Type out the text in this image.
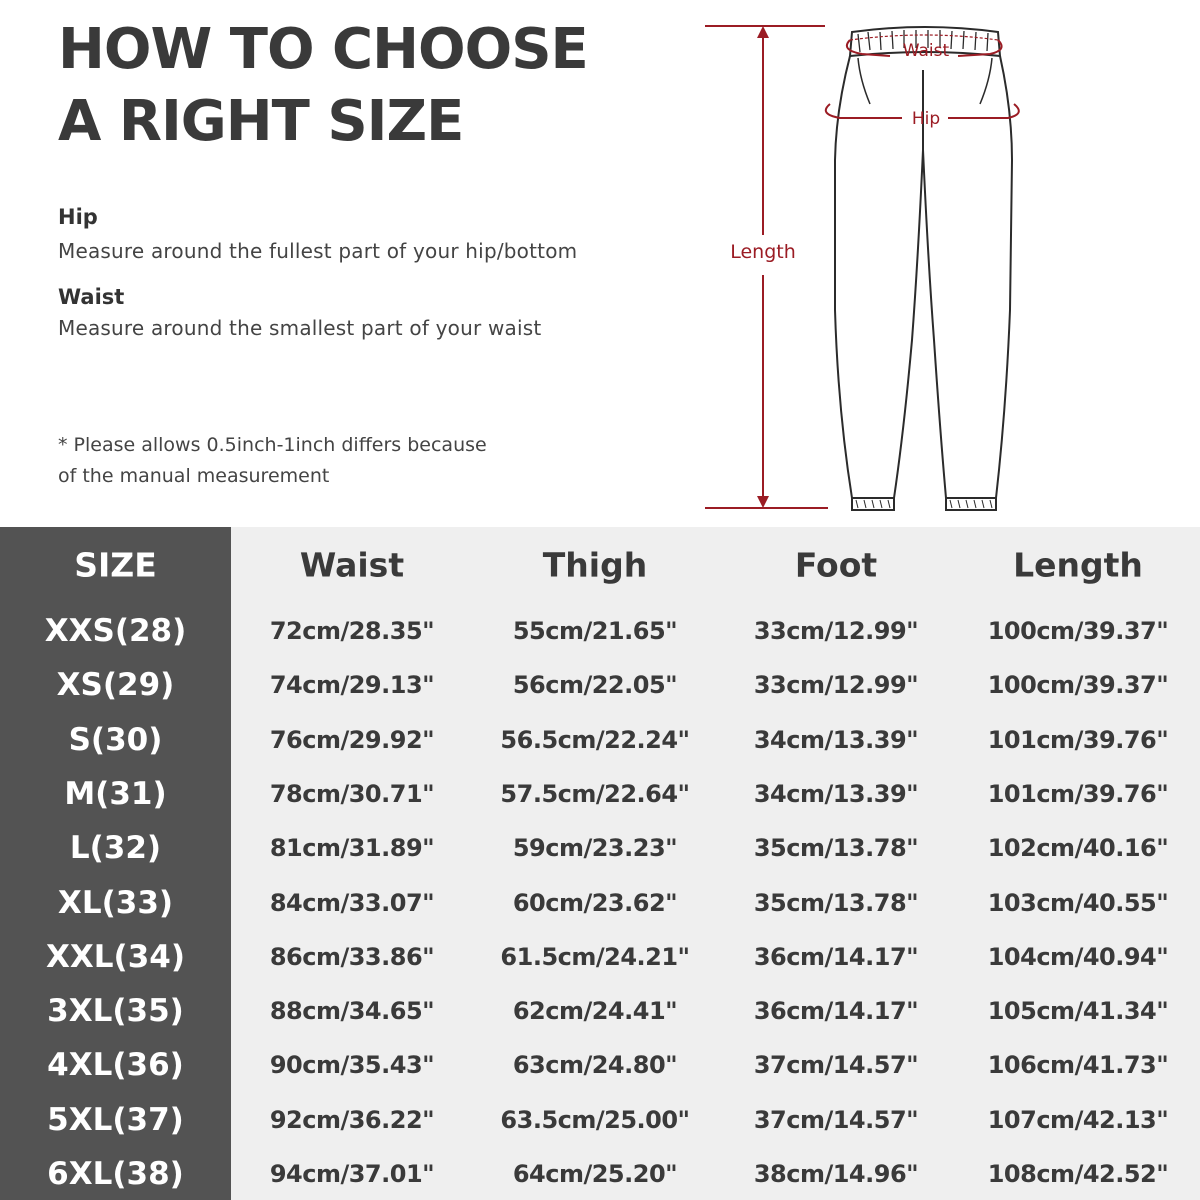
HOW TO CHOOSE
A RIGHT SIZE
Hip
Measure around the fullest part of your hip/bottom
Waist
Measure around the smallest part of your waist
* Please allows 0.5inch-1inch differs because
of the manual measurement
Waist
Hip
Length
SIZE	Waist	Thigh	Foot	Length
XXS(28)	72cm/28.35"	55cm/21.65"	33cm/12.99"	100cm/39.37"
XS(29)	74cm/29.13"	56cm/22.05"	33cm/12.99"	100cm/39.37"
S(30)	76cm/29.92"	56.5cm/22.24"	34cm/13.39"	101cm/39.76"
M(31)	78cm/30.71"	57.5cm/22.64"	34cm/13.39"	101cm/39.76"
L(32)	81cm/31.89"	59cm/23.23"	35cm/13.78"	102cm/40.16"
XL(33)	84cm/33.07"	60cm/23.62"	35cm/13.78"	103cm/40.55"
XXL(34)	86cm/33.86"	61.5cm/24.21"	36cm/14.17"	104cm/40.94"
3XL(35)	88cm/34.65"	62cm/24.41"	36cm/14.17"	105cm/41.34"
4XL(36)	90cm/35.43"	63cm/24.80"	37cm/14.57"	106cm/41.73"
5XL(37)	92cm/36.22"	63.5cm/25.00"	37cm/14.57"	107cm/42.13"
6XL(38)	94cm/37.01"	64cm/25.20"	38cm/14.96"	108cm/42.52"
